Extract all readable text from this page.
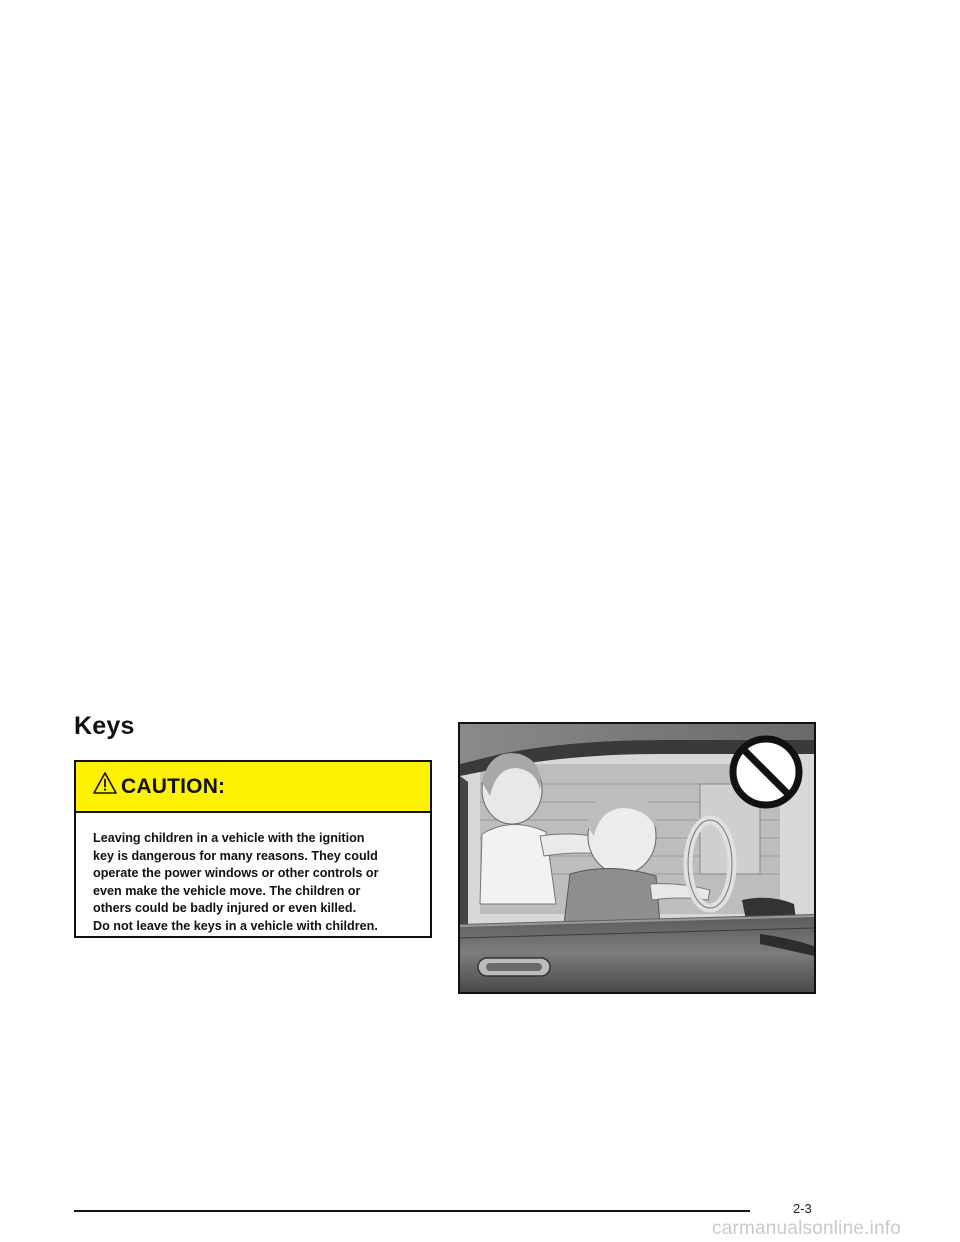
Keys
CAUTION:
Leaving children in a vehicle with the ignition
key is dangerous for many reasons. They could
operate the power windows or other controls or
even make the vehicle move. The children or
others could be badly injured or even killed.
Do not leave the keys in a vehicle with children.
2-3
carmanualsonline.info
